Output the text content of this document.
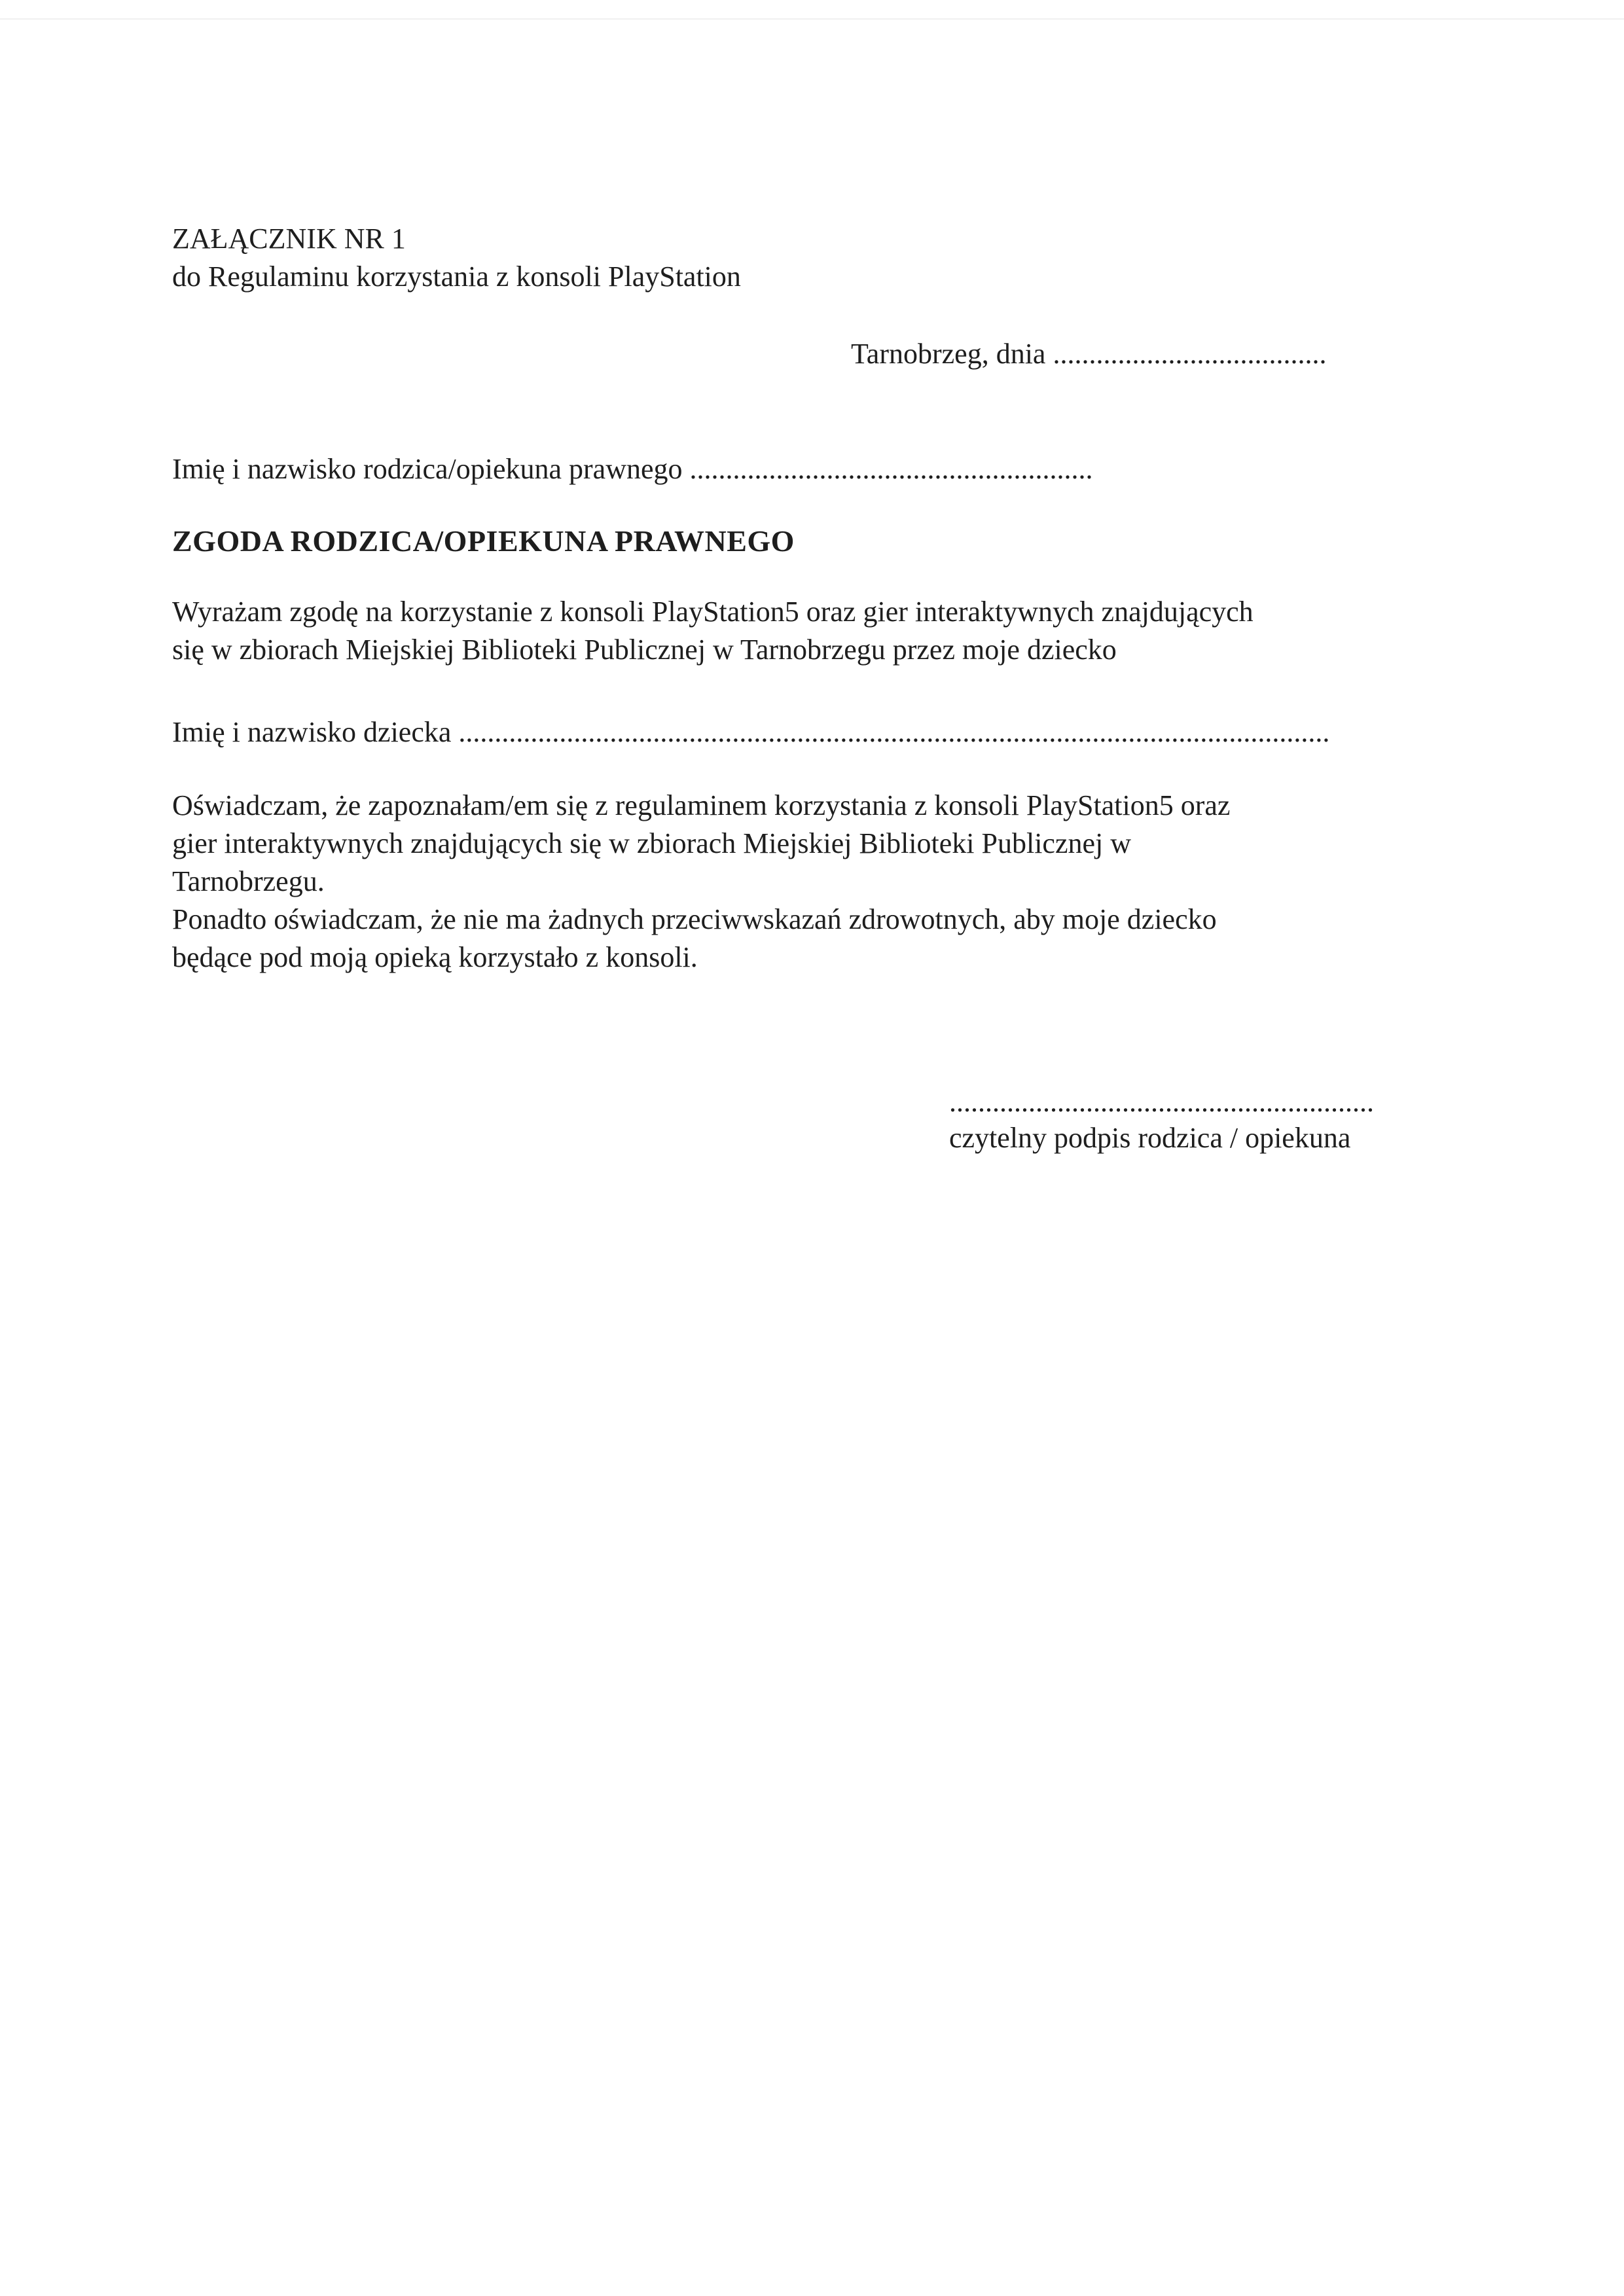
ZAŁĄCZNIK NR 1
do Regulaminu korzystania z konsoli PlayStation
Tarnobrzeg, dnia ......................................
Imię i nazwisko rodzica/opiekuna prawnego ........................................................
ZGODA RODZICA/OPIEKUNA PRAWNEGO
Wyrażam zgodę na korzystanie z konsoli PlayStation5 oraz gier interaktywnych znajdujących
się w zbiorach Miejskiej Biblioteki Publicznej w Tarnobrzegu przez moje dziecko
Imię i nazwisko dziecka .........................................................................................................................
Oświadczam, że zapoznałam/em się z regulaminem korzystania z konsoli PlayStation5 oraz
gier interaktywnych znajdujących się w zbiorach Miejskiej Biblioteki Publicznej w
Tarnobrzegu.
Ponadto oświadczam, że nie ma żadnych przeciwwskazań zdrowotnych, aby moje dziecko
będące pod moją opieką korzystało z konsoli.
...........................................................
czytelny podpis rodzica / opiekuna
